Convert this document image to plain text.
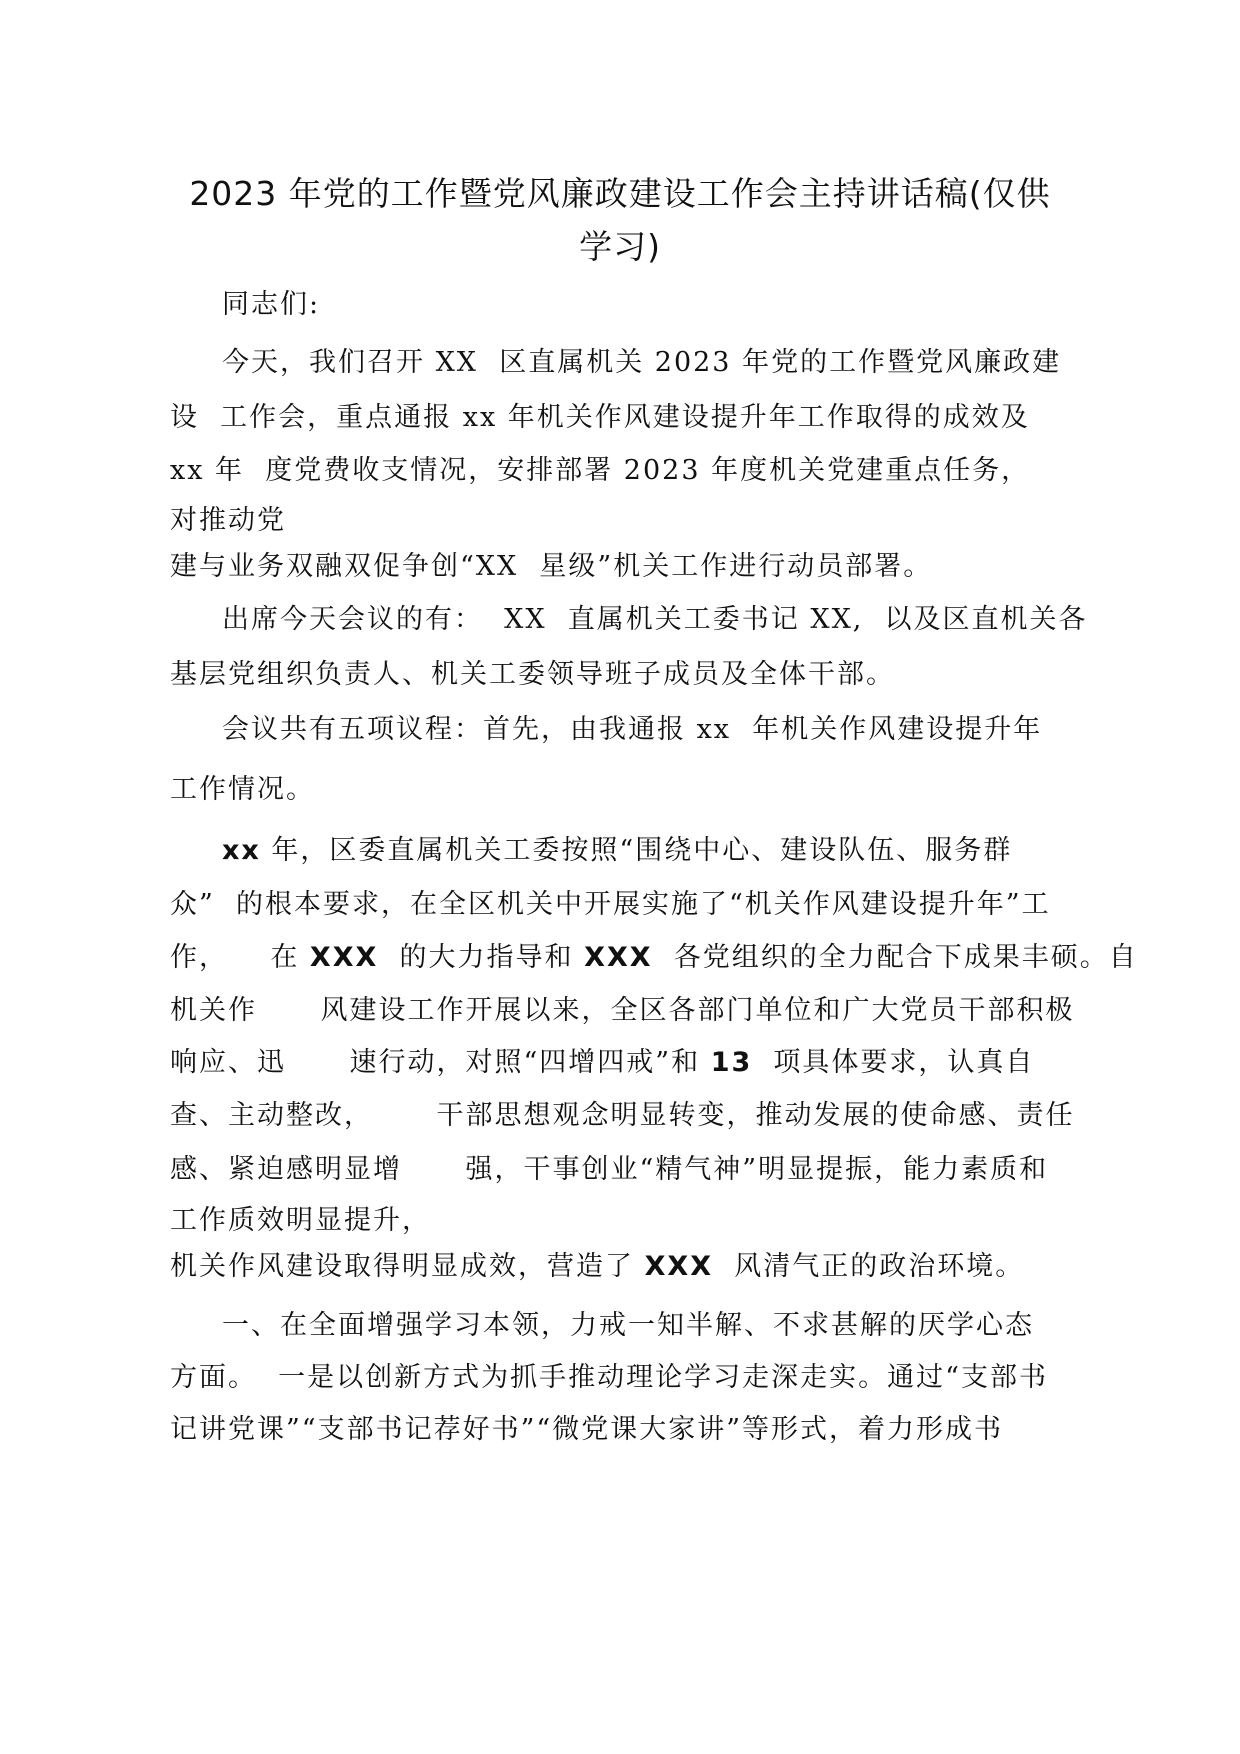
2023 年党的工作暨党风廉政建设工作会主持讲话稿(仅供
学习)
同志们:
今天，我们召开 XX  区直属机关 2023 年党的工作暨党风廉政建
设  工作会，重点通报 xx 年机关作风建设提升年工作取得的成效及
xx 年  度党费收支情况，安排部署 2023 年度机关党建重点任务，
对推动党
建与业务双融双促争创“XX  星级”机关工作进行动员部署。
出席今天会议的有：  XX  直属机关工委书记 XX,  以及区直机关各
基层党组织负责人、机关工委领导班子成员及全体干部。
会议共有五项议程：首先，由我通报 xx  年机关作风建设提升年
工作情况。
xx 年，区委直属机关工委按照“围绕中心、建设队伍、服务群
众”  的根本要求，在全区机关中开展实施了“机关作风建设提升年”工
作，    在 XXX  的大力指导和 XXX  各党组织的全力配合下成果丰硕。自
机关作      风建设工作开展以来，全区各部门单位和广大党员干部积极
响应、迅      速行动，对照“四增四戒”和 13  项具体要求，认真自
查、主动整改，      干部思想观念明显转变，推动发展的使命感、责任
感、紧迫感明显增      强，干事创业“精气神”明显提振，能力素质和
工作质效明显提升，
机关作风建设取得明显成效，营造了 XXX  风清气正的政治环境。
一、在全面增强学习本领，力戒一知半解、不求甚解的厌学心态
方面。  一是以创新方式为抓手推动理论学习走深走实。通过“支部书
记讲党课”“支部书记荐好书”“微党课大家讲”等形式，着力形成书
